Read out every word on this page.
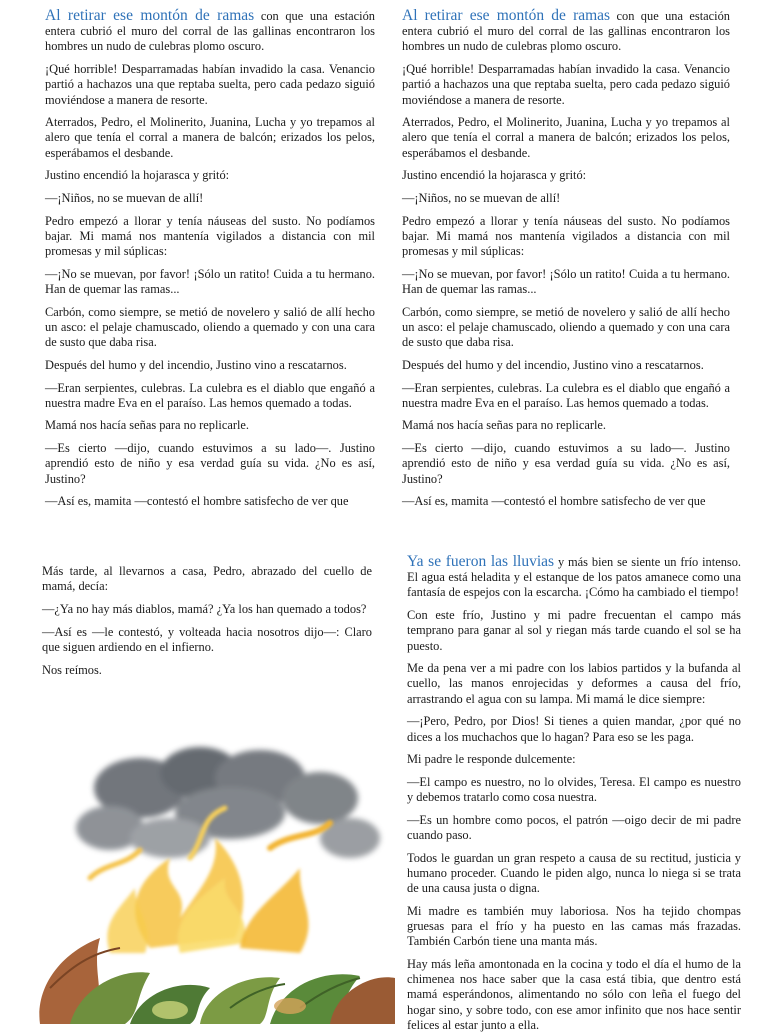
Al retirar ese montón de ramas con que una estación entera cubrió el muro del corral de las gallinas encontraron los hombres un nudo de culebras plomo oscuro.

¡Qué horrible! Desparramadas habían invadido la casa. Venancio partió a hachazos una que reptaba suelta, pero cada pedazo siguió moviéndose a manera de resorte.

Aterrados, Pedro, el Molinerito, Juanina, Lucha y yo trepamos al alero que tenía el corral a manera de balcón; erizados los pelos, esperábamos el desbande.

Justino encendió la hojarasca y gritó:

—¡Niños, no se muevan de allí!

Pedro empezó a llorar y tenía náuseas del susto. No podíamos bajar. Mi mamá nos mantenía vigilados a distancia con mil promesas y mil súplicas:

—¡No se muevan, por favor! ¡Sólo un ratito! Cuida a tu hermano. Han de quemar las ramas...

Carbón, como siempre, se metió de novelero y salió de allí hecho un asco: el pelaje chamuscado, oliendo a quemado y con una cara de susto que daba risa.

Después del humo y del incendio, Justino vino a rescatarnos.

—Eran serpientes, culebras. La culebra es el diablo que engañó a nuestra madre Eva en el paraíso. Las hemos quemado a todas.

Mamá nos hacía señas para no replicarle.

—Es cierto —dijo, cuando estuvimos a su lado—. Justino aprendió esto de niño y esa verdad guía su vida. ¿No es así, Justino?

—Así es, mamita —contestó el hombre satisfecho de ver que

Al retirar ese montón de ramas con que una estación entera cubrió el muro del corral de las gallinas encontraron los hombres un nudo de culebras plomo oscuro.

¡Qué horrible! Desparramadas habían invadido la casa. Venancio partió a hachazos una que reptaba suelta, pero cada pedazo siguió moviéndose a manera de resorte.

Aterrados, Pedro, el Molinerito, Juanina, Lucha y yo trepamos al alero que tenía el corral a manera de balcón; erizados los pelos, esperábamos el desbande.

Justino encendió la hojarasca y gritó:

—¡Niños, no se muevan de allí!

Pedro empezó a llorar y tenía náuseas del susto. No podíamos bajar. Mi mamá nos mantenía vigilados a distancia con mil promesas y mil súplicas:

—¡No se muevan, por favor! ¡Sólo un ratito! Cuida a tu hermano. Han de quemar las ramas...

Carbón, como siempre, se metió de novelero y salió de allí hecho un asco: el pelaje chamuscado, oliendo a quemado y con una cara de susto que daba risa.

Después del humo y del incendio, Justino vino a rescatarnos.

—Eran serpientes, culebras. La culebra es el diablo que engañó a nuestra madre Eva en el paraíso. Las hemos quemado a todas.

Mamá nos hacía señas para no replicarle.

—Es cierto —dijo, cuando estuvimos a su lado—. Justino aprendió esto de niño y esa verdad guía su vida. ¿No es así, Justino?

—Así es, mamita —contestó el hombre satisfecho de ver que

Más tarde, al llevarnos a casa, Pedro, abrazado del cuello de mamá, decía:

—¿Ya no hay más diablos, mamá? ¿Ya los han quemado a todos?

—Así es —le contestó, y volteada hacia nosotros dijo—: Claro que siguen ardiendo en el infierno.

Nos reímos.

Ya se fueron las lluvias y más bien se siente un frío intenso. El agua está heladita y el estanque de los patos amanece como una fantasía de espejos con la escarcha. ¡Cómo ha cambiado el tiempo!

Con este frío, Justino y mi padre frecuentan el campo más temprano para ganar al sol y riegan más tarde cuando el sol se ha puesto.

Me da pena ver a mi padre con los labios partidos y la bufanda al cuello, las manos enrojecidas y deformes a causa del frío, arrastrando el agua con su lampa. Mi mamá le dice siempre:

—¡Pero, Pedro, por Dios! Si tienes a quien mandar, ¿por qué no dices a los muchachos que lo hagan? Para eso se les paga.

Mi padre le responde dulcemente:

—El campo es nuestro, no lo olvides, Teresa. El campo es nuestro y debemos tratarlo como cosa nuestra.

—Es un hombre como pocos, el patrón —oigo decir de mi padre cuando paso.

Todos le guardan un gran respeto a causa de su rectitud, justicia y humano proceder. Cuando le piden algo, nunca lo niega si se trata de una causa justa o digna.

Mi madre es también muy laboriosa. Nos ha tejido chompas gruesas para el frío y ha puesto en las camas más frazadas. También Carbón tiene una manta más.

Hay más leña amontonada en la cocina y todo el día el humo de la chimenea nos hace saber que la casa está tibia, que dentro está mamá esperándonos, alimentando no sólo con leña el fuego del hogar sino, y sobre todo, con ese amor infinito que nos hace sentir felices al estar junto a ella.
